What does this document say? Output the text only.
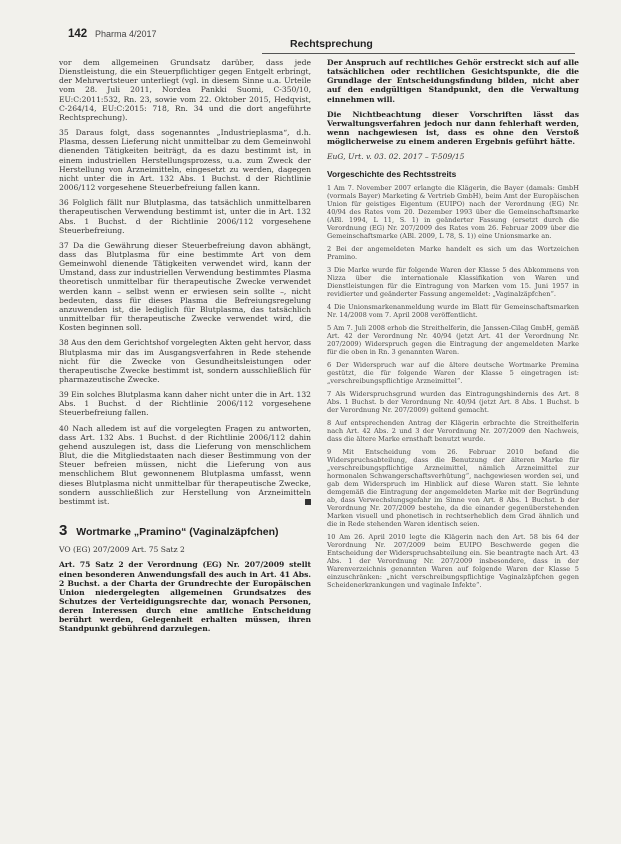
142 Pharma 4/2017
Rechtsprechung

vor dem allgemeinen Grundsatz darüber, dass jede Dienstleistung, die ein Steuerpflichtiger gegen Entgelt erbringt, der Mehrwertsteuer unterliegt (vgl. in diesem Sinne u.a. Urteile vom 28. Juli 2011, Nordea Pankki Suomi, C-350/10, EU:C:2011:532, Rn. 23, sowie vom 22. Oktober 2015, Hedqvist, C-264/14, EU:C:2015: 718, Rn. 34 und die dort angeführte Rechtsprechung).

35 Daraus folgt, dass sogenanntes „Industrieplasma“, d.h. Plasma, dessen Lieferung nicht unmittelbar zu dem Gemeinwohl dienenden Tätigkeiten beiträgt, da es dazu bestimmt ist, in einem industriellen Herstellungsprozess, u.a. zum Zweck der Herstellung von Arzneimitteln, eingesetzt zu werden, dagegen nicht unter die in Art. 132 Abs. 1 Buchst. d der Richtlinie 2006/112 vorgesehene Steuerbefreiung fallen kann.

36 Folglich fällt nur Blutplasma, das tatsächlich unmittelbaren therapeutischen Verwendung bestimmt ist, unter die in Art. 132 Abs. 1 Buchst. d der Richtlinie 2006/112 vorgesehene Steuerbefreiung.

37 Da die Gewährung dieser Steuerbefreiung davon abhängt, dass das Blutplasma für eine bestimmte Art von dem Gemeinwohl dienende Tätigkeiten verwendet wird, kann der Umstand, dass zur industriellen Verwendung bestimmtes Plasma theoretisch unmittelbar für therapeutische Zwecke verwendet werden kann – selbst wenn er erwiesen sein sollte –, nicht bedeuten, dass für dieses Plasma die Befreiungsregelung anzuwenden ist, die lediglich für Blutplasma, das tatsächlich unmittelbar für therapeutische Zwecke verwendet wird, die Kosten beginnen soll.

38 Aus den dem Gerichtshof vorgelegten Akten geht hervor, dass Blutplasma mir das im Ausgangsverfahren in Rede stehende nicht für die Zwecke von Gesundheitsleistungen oder therapeutische Zwecke bestimmt ist, sondern ausschließlich für pharmazeutische Zwecke.

39 Ein solches Blutplasma kann daher nicht unter die in Art. 132 Abs. 1 Buchst. d der Richtlinie 2006/112 vorgesehene Steuerbefreiung fallen.

40 Nach alledem ist auf die vorgelegten Fragen zu antworten, dass Art. 132 Abs. 1 Buchst. d der Richtlinie 2006/112 dahin gehend auszulegen ist, dass die Lieferung von menschlichem Blut, die die Mitgliedstaaten nach dieser Bestimmung von der Steuer befreien müssen, nicht die Lieferung von aus menschlichem Blut gewonnenem Blutplasma umfasst, wenn dieses Blutplasma nicht unmittelbar für therapeutische Zwecke, sondern ausschließlich zur Herstellung von Arzneimitteln bestimmt ist.

3 Wortmarke „Pramino“ (Vaginalzäpfchen)

VO (EG) 207/2009 Art. 75 Satz 2

Art. 75 Satz 2 der Verordnung (EG) Nr. 207/2009 stellt einen besonderen Anwendungsfall des auch in Art. 41 Abs. 2 Buchst. a der Charta der Grundrechte der Europäischen Union niedergelegten allgemeinen Grundsatzes des Schutzes der Verteidigungsrechte dar, wonach Personen, deren Interessen durch eine amtliche Entscheidung berührt werden, Gelegenheit erhalten müssen, ihren Standpunkt gebührend darzulegen.

Der Anspruch auf rechtliches Gehör erstreckt sich auf alle tatsächlichen oder rechtlichen Gesichtspunkte, die die Grundlage der Entscheidungsfindung bilden, nicht aber auf den endgültigen Standpunkt, den die Verwaltung einnehmen will.

Die Nichtbeachtung dieser Vorschriften lässt das Verwaltungsverfahren jedoch nur dann fehlerhaft werden, wenn nachgewiesen ist, dass es ohne den Verstoß möglicherweise zu einem anderen Ergebnis geführt hätte.

EuG, Urt. v. 03. 02. 2017 – T-509/15

Vorgeschichte des Rechtsstreits

1 Am 7. November 2007 erlangte die Klägerin, die Bayer (damals: GmbH (vormals Bayer) Marketing & Vertrieb GmbH), beim Amt der Europäischen Union für geistiges Eigentum (EUIPO) nach der Verordnung (EG) Nr. 40/94 des Rates vom 20. Dezember 1993 über die Gemeinschaftsmarke (ABl. 1994, L 11, S. 1) in geänderter Fassung (ersetzt durch die Verordnung (EG) Nr. 207/2009 des Rates vom 26. Februar 2009 über die Gemeinschaftsmarke (ABl. 2009, L 78, S. 1)) eine Unionsmarke an.

2 Bei der angemeldeten Marke handelt es sich um das Wortzeichen Pramino.

3 Die Marke wurde für folgende Waren der Klasse 5 des Abkommens von Nizza über die internationale Klassifikation von Waren und Dienstleistungen für die Eintragung von Marken vom 15. Juni 1957 in revidierter und geänderter Fassung angemeldet: „Vaginalzäpfchen“.

4 Die Unionsmarkenanmeldung wurde im Blatt für Gemeinschaftsmarken Nr. 14/2008 vom 7. April 2008 veröffentlicht.

5 Am 7. Juli 2008 erhob die Streithelferin, die Janssen-Cilag GmbH, gemäß Art. 42 der Verordnung Nr. 40/94 (jetzt Art. 41 der Verordnung Nr. 207/2009) Widerspruch gegen die Eintragung der angemeldeten Marke für die oben in Rn. 3 genannten Waren.

6 Der Widerspruch war auf die ältere deutsche Wortmarke Premina gestützt, die für folgende Waren der Klasse 5 eingetragen ist: „verschreibungspflichtige Arzneimittel“.

7 Als Widerspruchsgrund wurden das Eintragungshindernis des Art. 8 Abs. 1 Buchst. b der Verordnung Nr. 40/94 (jetzt Art. 8 Abs. 1 Buchst. b der Verordnung Nr. 207/2009) geltend gemacht.

8 Auf entsprechenden Antrag der Klägerin erbrachte die Streithelferin nach Art. 42 Abs. 2 und 3 der Verordnung Nr. 207/2009 den Nachweis, dass die ältere Marke ernsthaft benutzt wurde.

9 Mit Entscheidung vom 26. Februar 2010 befand die Widerspruchsabteilung, dass die Benutzung der älteren Marke für „verschreibungspflichtige Arzneimittel, nämlich Arzneimittel zur hormonalen Schwangerschaftsverhütung“, nachgewiesen worden sei, und gab dem Widerspruch im Hinblick auf diese Waren statt. Sie lehnte demgemäß die Eintragung der angemeldeten Marke mit der Begründung ab, dass Verwechslungsgefahr im Sinne von Art. 8 Abs. 1 Buchst. b der Verordnung Nr. 207/2009 bestehe, da die einander gegenüberstehenden Marken visuell und phonetisch in rechtserheblich dem Grad ähnlich und die in Rede stehenden Waren identisch seien.

10 Am 26. April 2010 legte die Klägerin nach den Art. 58 bis 64 der Verordnung Nr. 207/2009 beim EUIPO Beschwerde gegen die Entscheidung der Widerspruchsabteilung ein. Sie beantragte nach Art. 43 Abs. 1 der Verordnung Nr. 207/2009 insbesondere, dass in der Warenverzeichnis genannten Waren auf folgende Waren der Klasse 5 einzuschränken: „nicht verschreibungspflichtige Vaginalzäpfchen gegen Scheidenerkrankungen und vaginale Infekte“.
